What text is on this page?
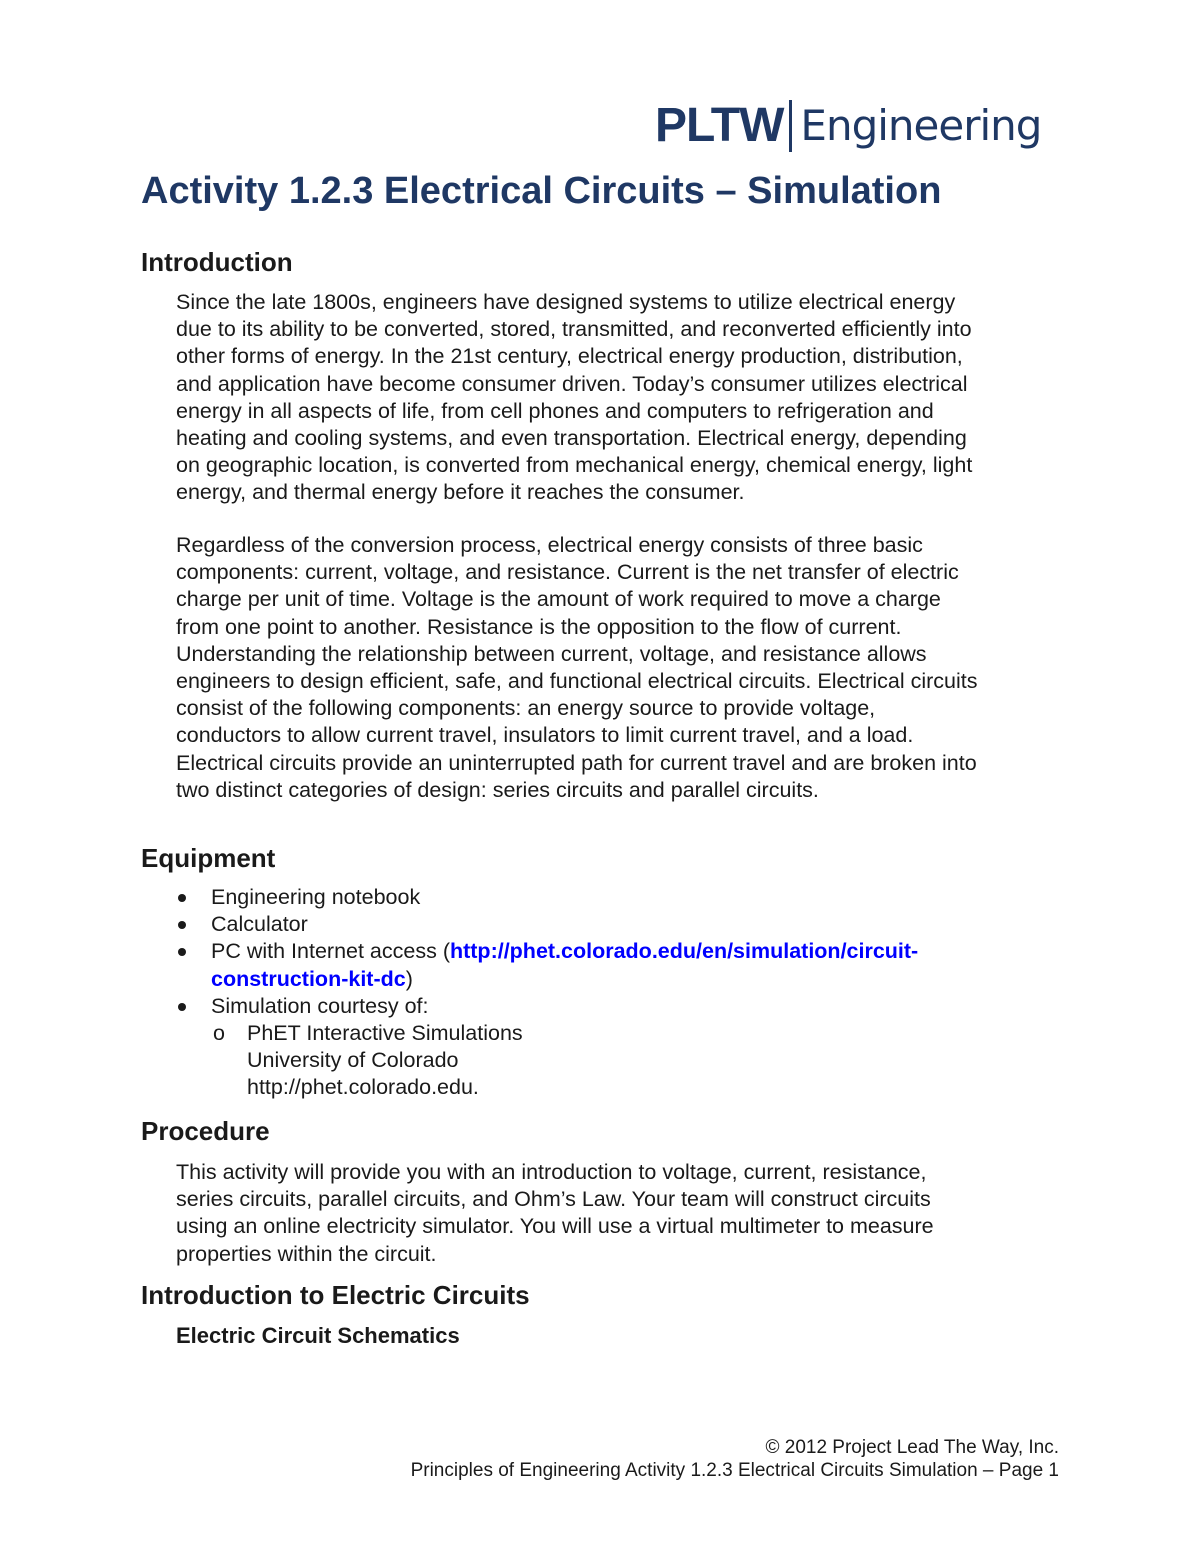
PLTW Engineering
Activity 1.2.3 Electrical Circuits – Simulation
Introduction

Since the late 1800s, engineers have designed systems to utilize electrical energy
due to its ability to be converted, stored, transmitted, and reconverted efficiently into
other forms of energy. In the 21st century, electrical energy production, distribution,
and application have become consumer driven. Today’s consumer utilizes electrical
energy in all aspects of life, from cell phones and computers to refrigeration and
heating and cooling systems, and even transportation. Electrical energy, depending
on geographic location, is converted from mechanical energy, chemical energy, light
energy, and thermal energy before it reaches the consumer.

Regardless of the conversion process, electrical energy consists of three basic
components: current, voltage, and resistance. Current is the net transfer of electric
charge per unit of time. Voltage is the amount of work required to move a charge
from one point to another. Resistance is the opposition to the flow of current.
Understanding the relationship between current, voltage, and resistance allows
engineers to design efficient, safe, and functional electrical circuits. Electrical circuits
consist of the following components: an energy source to provide voltage,
conductors to allow current travel, insulators to limit current travel, and a load.
Electrical circuits provide an uninterrupted path for current travel and are broken into
two distinct categories of design: series circuits and parallel circuits.

Equipment
Engineering notebook
Calculator
PC with Internet access (http://phet.colorado.edu/en/simulation/circuit-
construction-kit-dc)
Simulation courtesy of:
o PhET Interactive Simulations
University of Colorado
http://phet.colorado.edu.
Procedure

This activity will provide you with an introduction to voltage, current, resistance,
series circuits, parallel circuits, and Ohm’s Law. Your team will construct circuits
using an online electricity simulator. You will use a virtual multimeter to measure
properties within the circuit.

Introduction to Electric Circuits
Electric Circuit Schematics
© 2012 Project Lead The Way, Inc.
Principles of Engineering Activity 1.2.3 Electrical Circuits Simulation – Page 1
